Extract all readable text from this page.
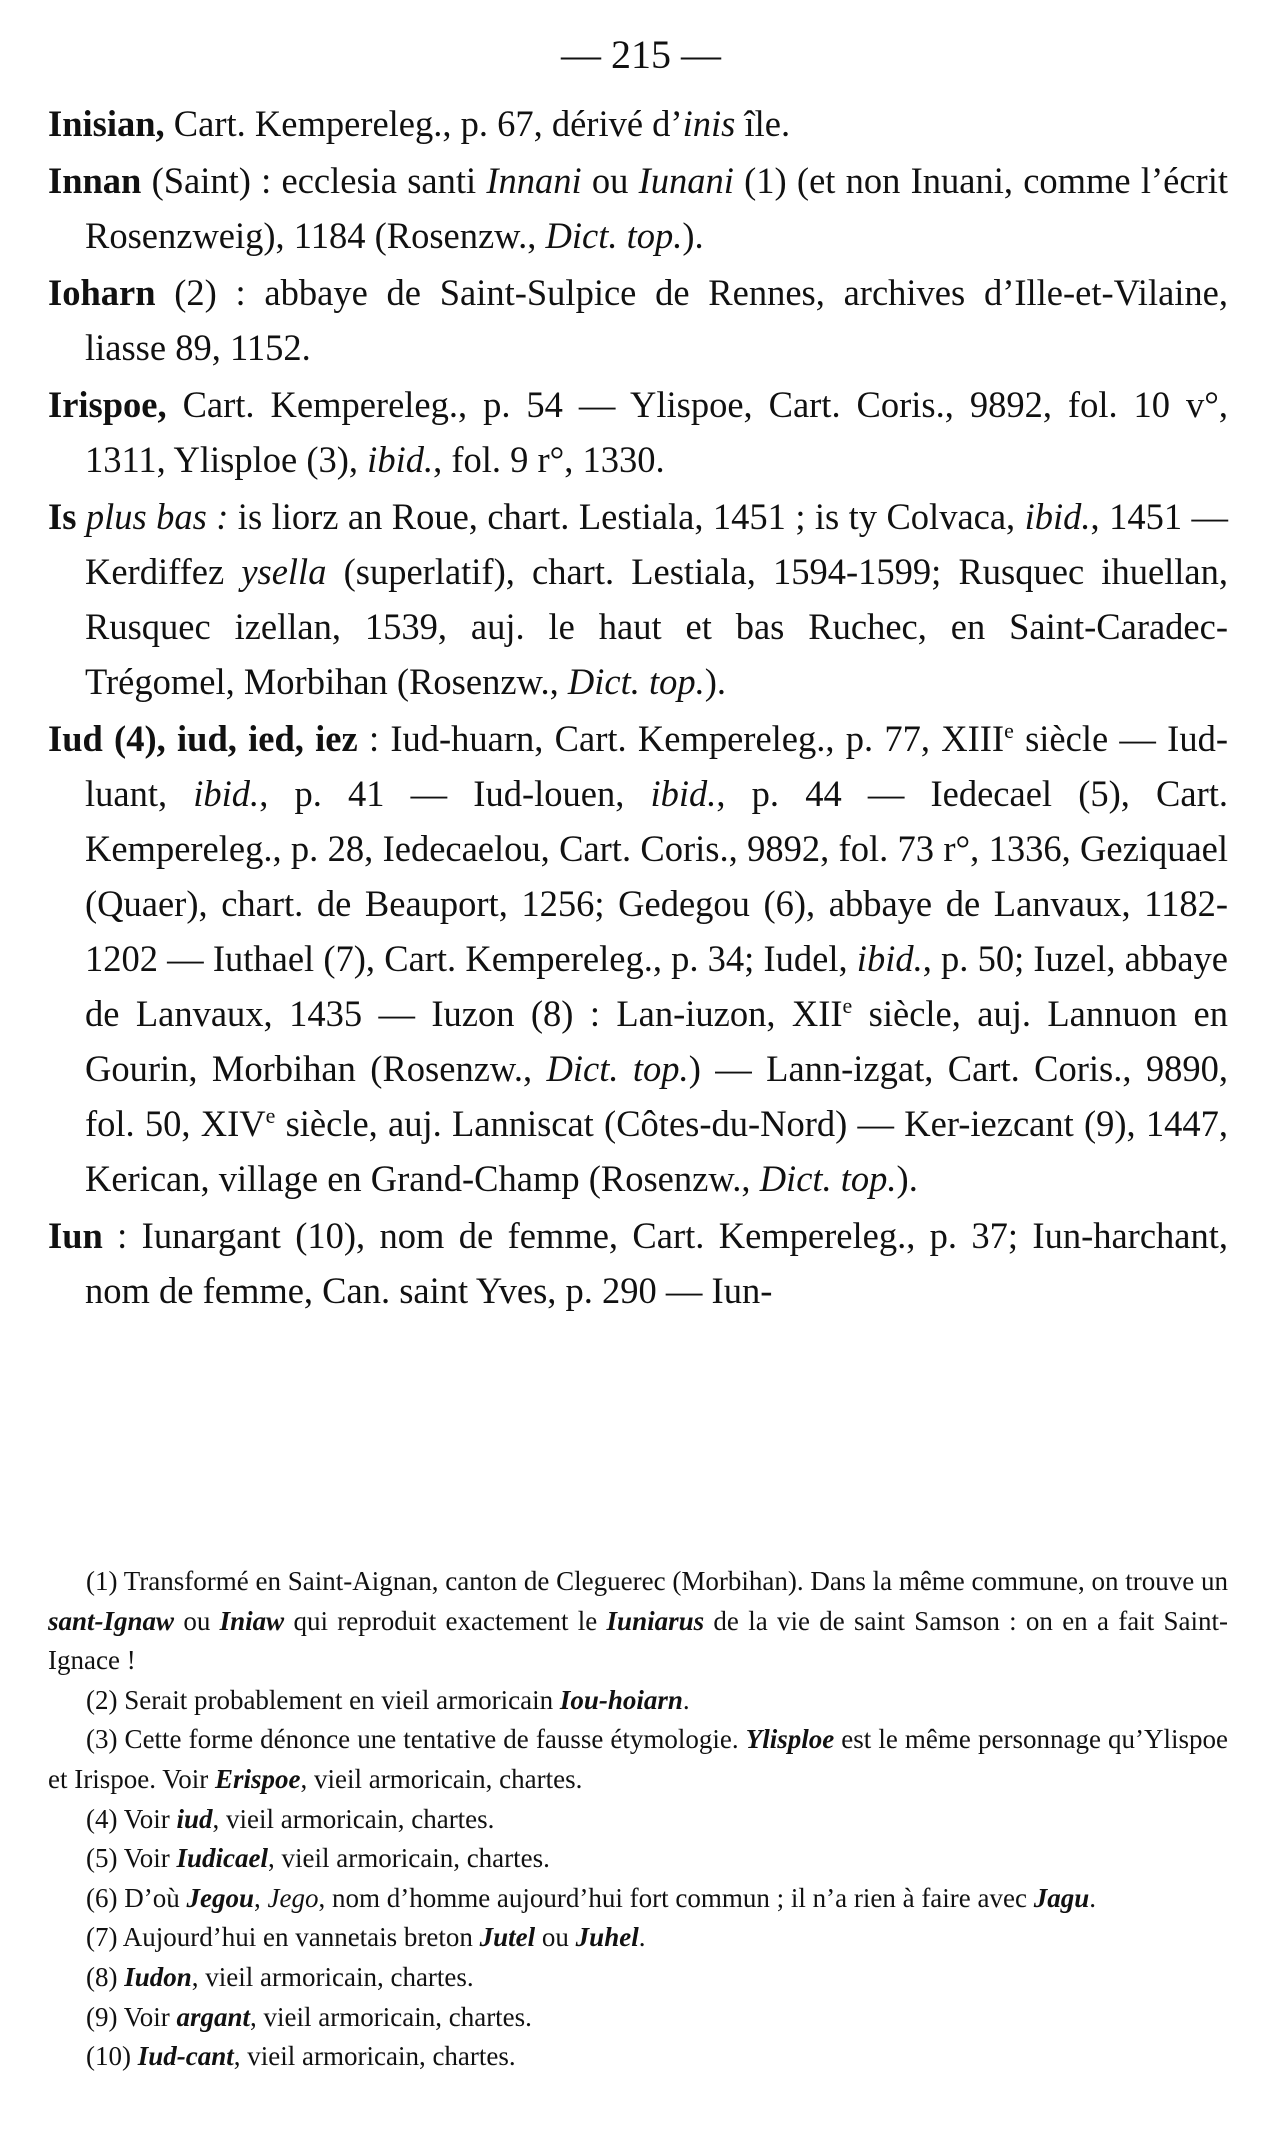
— 215 —

Inisian, Cart. Kempereleg., p. 67, dérivé d’inis île.

Innan (Saint) : ecclesia santi Innani ou Iunani (1) (et non Inuani, comme l’écrit Rosenzweig), 1184 (Rosenzw., Dict. top.).

Ioharn (2) : abbaye de Saint-Sulpice de Rennes, archives d’Ille-et-Vilaine, liasse 89, 1152.

Irispoe, Cart. Kempereleg., p. 54 — Ylispoe, Cart. Coris., 9892, fol. 10 v°, 1311, Ylisploe (3), ibid., fol. 9 r°, 1330.

Is plus bas : is liorz an Roue, chart. Lestiala, 1451 ; is ty Colvaca, ibid., 1451 — Kerdiffez ysella (superlatif), chart. Lestiala, 1594-1599; Rusquec ihuellan, Rusquec izellan, 1539, auj. le haut et bas Ruchec, en Saint-Caradec-Trégomel, Morbihan (Rosenzw., Dict. top.).

Iud (4), iud, ied, iez : Iud-huarn, Cart. Kempereleg., p. 77, XIIIe siècle — Iud-luant, ibid., p. 41 — Iud-louen, ibid., p. 44 — Iedecael (5), Cart. Kempereleg., p. 28, Iedecaelou, Cart. Coris., 9892, fol. 73 r°, 1336, Geziquael (Quaer), chart. de Beauport, 1256; Gedegou (6), abbaye de Lanvaux, 1182-1202 — Iuthael (7), Cart. Kempereleg., p. 34; Iudel, ibid., p. 50; Iuzel, abbaye de Lanvaux, 1435 — Iuzon (8) : Lan-iuzon, XIIe siècle, auj. Lannuon en Gourin, Morbihan (Rosenzw., Dict. top.) — Lann-izgat, Cart. Coris., 9890, fol. 50, XIVe siècle, auj. Lanniscat (Côtes-du-Nord) — Ker-iezcant (9), 1447, Kerican, village en Grand-Champ (Rosenzw., Dict. top.).

Iun : Iunargant (10), nom de femme, Cart. Kempereleg., p. 37; Iun-harchant, nom de femme, Can. saint Yves, p. 290 — Iun-

(1) Transformé en Saint-Aignan, canton de Cleguerec (Morbihan). Dans la même commune, on trouve un sant-Ignaw ou Iniaw qui reproduit exactement le Iuniarus de la vie de saint Samson : on en a fait Saint-Ignace !

(2) Serait probablement en vieil armoricain Iou-hoiarn.

(3) Cette forme dénonce une tentative de fausse étymologie. Ylisploe est le même personnage qu’Ylispoe et Irispoe. Voir Erispoe, vieil armoricain, chartes.

(4) Voir iud, vieil armoricain, chartes.

(5) Voir Iudicael, vieil armoricain, chartes.

(6) D’où Jegou, Jego, nom d’homme aujourd’hui fort commun ; il n’a rien à faire avec Jagu.

(7) Aujourd’hui en vannetais breton Jutel ou Juhel.

(8) Iudon, vieil armoricain, chartes.

(9) Voir argant, vieil armoricain, chartes.

(10) Iud-cant, vieil armoricain, chartes.
